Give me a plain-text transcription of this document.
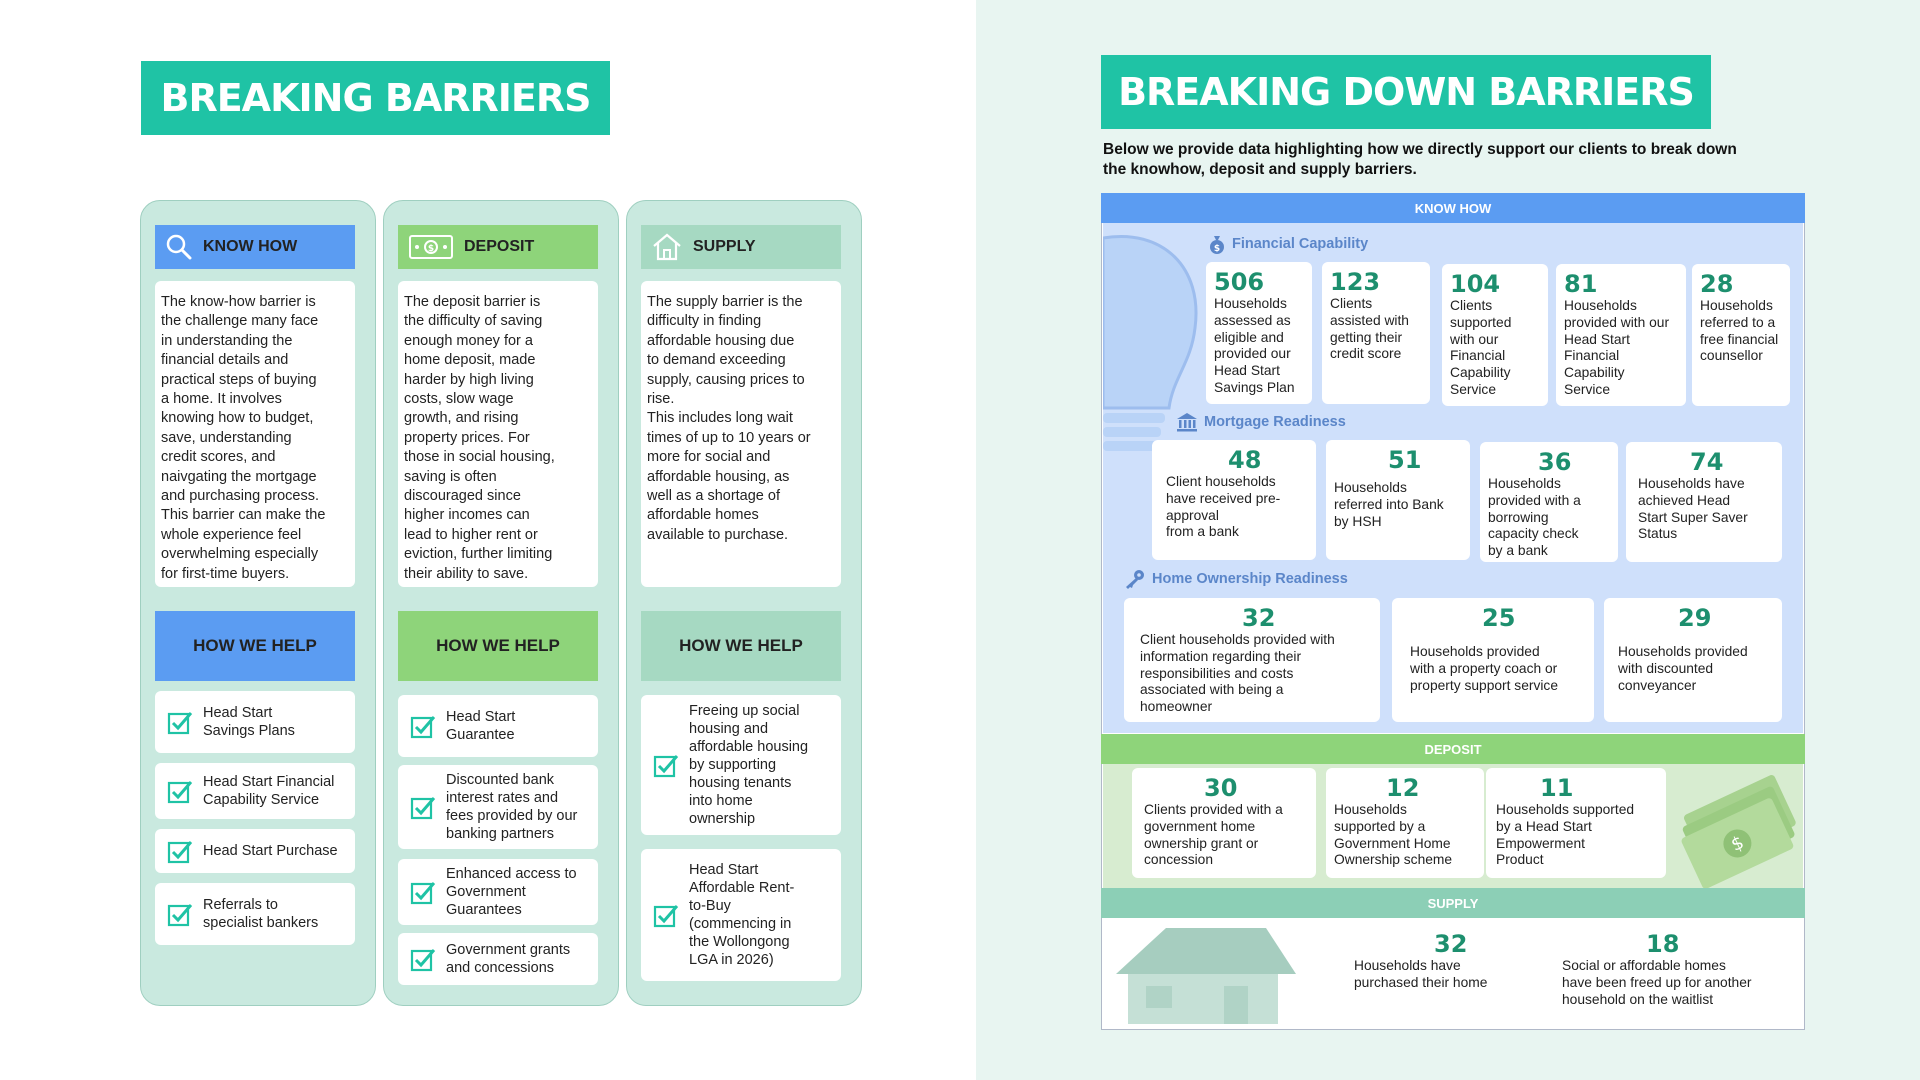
BREAKING BARRIERS
KNOW HOW
The know-how barrier is
the challenge many face
in understanding the
financial details and
practical steps of buying
a home. It involves
knowing how to budget,
save, understanding
credit scores, and
naivgating the mortgage
and purchasing process.
This barrier can make the
whole experience feel
overwhelming especially
for first-time buyers.
HOW WE HELP
Head Start
Savings Plans
Head Start Financial
Capability Service
Head Start Purchase
Referrals to
specialist bankers
$ DEPOSIT
The deposit barrier is
the difficulty of saving
enough money for a
home deposit, made
harder by high living
costs, slow wage
growth, and rising
property prices. For
those in social housing,
saving is often
discouraged since
higher incomes can
lead to higher rent or
eviction, further limiting
their ability to save.
HOW WE HELP
Head Start
Guarantee
Discounted bank
interest rates and
fees provided by our
banking partners
Enhanced access to
Government
Guarantees
Government grants
and concessions
SUPPLY
The supply barrier is the
difficulty in finding
affordable housing due
to demand exceeding
supply, causing prices to
rise.
This includes long wait
times of up to 10 years or
more for social and
affordable housing, as
well as a shortage of
affordable homes
available to purchase.
HOW WE HELP
Freeing up social
housing and
affordable housing
by supporting
housing tenants
into home
ownership
Head Start
Affordable Rent-
to-Buy
(commencing in
the Wollongong
LGA in 2026)
BREAKING DOWN BARRIERS
Below we provide data highlighting how we directly support our clients to break down the knowhow, deposit and supply barriers.
KNOW HOW
DEPOSIT
SUPPLY
$ Financial Capability
506
Households
assessed as
eligible and
provided our
Head Start
Savings Plan
123
Clients
assisted with
getting their
credit score
104
Clients
supported
with our
Financial
Capability
Service
81
Households
provided with our
Head Start
Financial
Capability
Service
28
Households
referred to a
free financial
counsellor
Mortgage Readiness
48
Client households
have received pre-
approval
from a bank
51
Households
referred into Bank
by HSH
36
Households
provided with a
borrowing
capacity check
by a bank
74
Households have
achieved Head
Start Super Saver
Status
Home Ownership Readiness
32
Client households provided with
information regarding their
responsibilities and costs
associated with being a
homeowner
25
Households provided
with a property coach or
property support service
29
Households provided
with discounted
conveyancer
30
Clients provided with a
government home
ownership grant or
concession
12
Households
supported by a
Government Home
Ownership scheme
11
Households supported
by a Head Start
Empowerment
Product
$
32
Households have
purchased their home
18
Social or affordable homes
have been freed up for another
household on the waitlist
